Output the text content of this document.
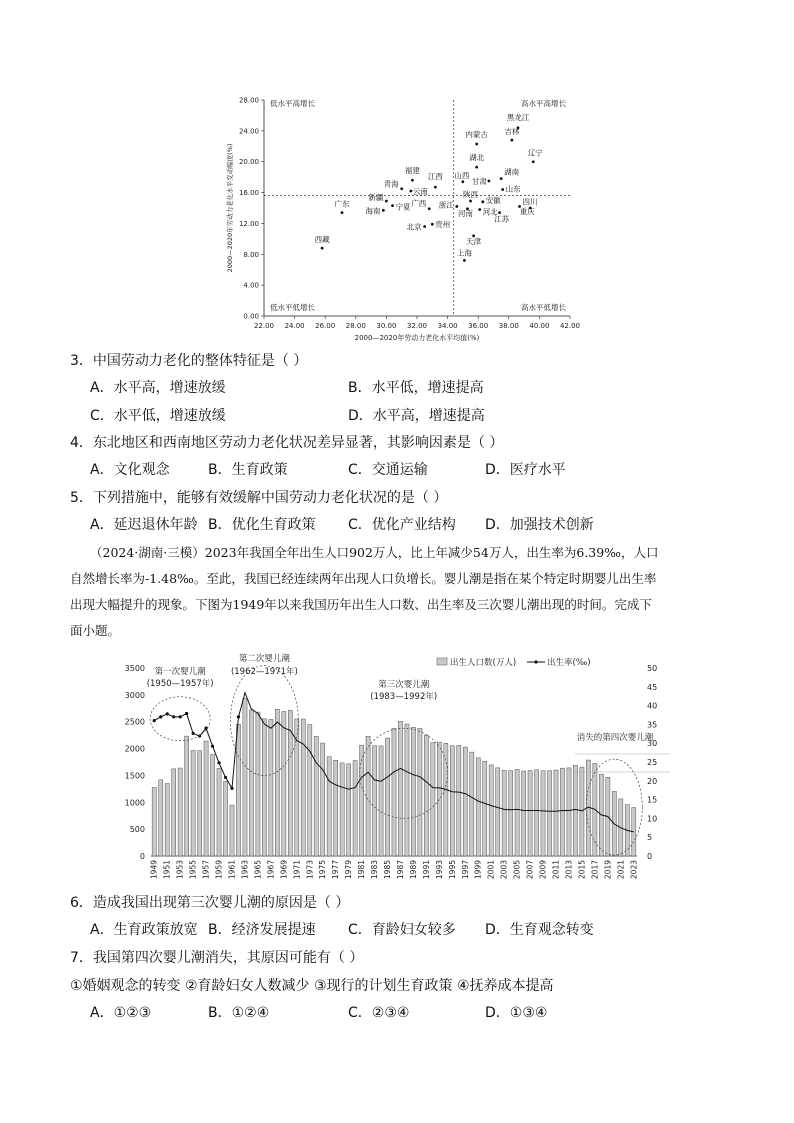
22.00 24.00 26.00 28.00 30.00 32.00 34.00 36.00 38.00 40.00 42.00
0.00
4.00
8.00
12.00
16.00
20.00
24.00
28.00
2000—2020年劳动力老化水平均值(%)
2000—2020年劳动力老化水平变动幅度(%)
低水平高增长	高水平高增长
低水平低增长	高水平低增长
黑龙江
吉林
内蒙古
辽宁
湖北
湖南
山西
甘肃
山东
福建
青海
江西
云南	陕西
安徽
新疆
宁夏 广西 浙江
河南 河北
四川
重庆
广东
海南
江苏
北京 贵州
天津
西藏
上海
3．中国劳动力老化的整体特征是（ ）
A．水平高，增速放缓	B．水平低，增速提高
C．水平低，增速放缓	D．水平高，增速提高
4．东北地区和西南地区劳动力老化状况差异显著，其影响因素是（ ）
A．文化观念	B．生育政策	C．交通运输	D．医疗水平
5．下列措施中，能够有效缓解中国劳动力老化状况的是（ ）
A．延迟退休年龄 B．优化生育政策 C．优化产业结构 D．加强技术创新
（2024·湖南·三模）2023年我国全年出生人口902万人，比上年减少54万人，出生率为6.39‰，人口
自然增长率为-1.48‰。至此，我国已经连续两年出现人口负增长。婴儿潮是指在某个特定时期婴儿出生率
出现大幅提升的现象。下图为1949年以来我国历年出生人口数、出生率及三次婴儿潮出现的时间。完成下
面小题。
0
500
1000
1500
2000
2500
3000
3500
0
5
10
15
20
25
30
35
40
45
50
1949 1951 1953 1955 1957 1959 1961 1963 1965 1967 1969 1971 1973 1975 1977 1979 1981 1983 1985 1987 1989 1991 1993 1995 1997 1999 2001 2003 2005 2007 2009 2011 2013 2015 2017 2019 2021 2023
出生人口数(万人)	出生率(‰)
第一次婴儿潮
(1950—1957年)
第二次婴儿潮
(1962—1971年)
第三次婴儿潮
(1983—1992年)
消失的第四次婴儿潮
6．造成我国出现第三次婴儿潮的原因是（ ）
A．生育政策放宽 B．经济发展提速 C．育龄妇女较多 D．生育观念转变
7．我国第四次婴儿潮消失，其原因可能有（ ）
①婚姻观念的转变 ②育龄妇女人数减少 ③现行的计划生育政策 ④抚养成本提高
A．①②③	B．①②④	C．②③④	D．①③④
